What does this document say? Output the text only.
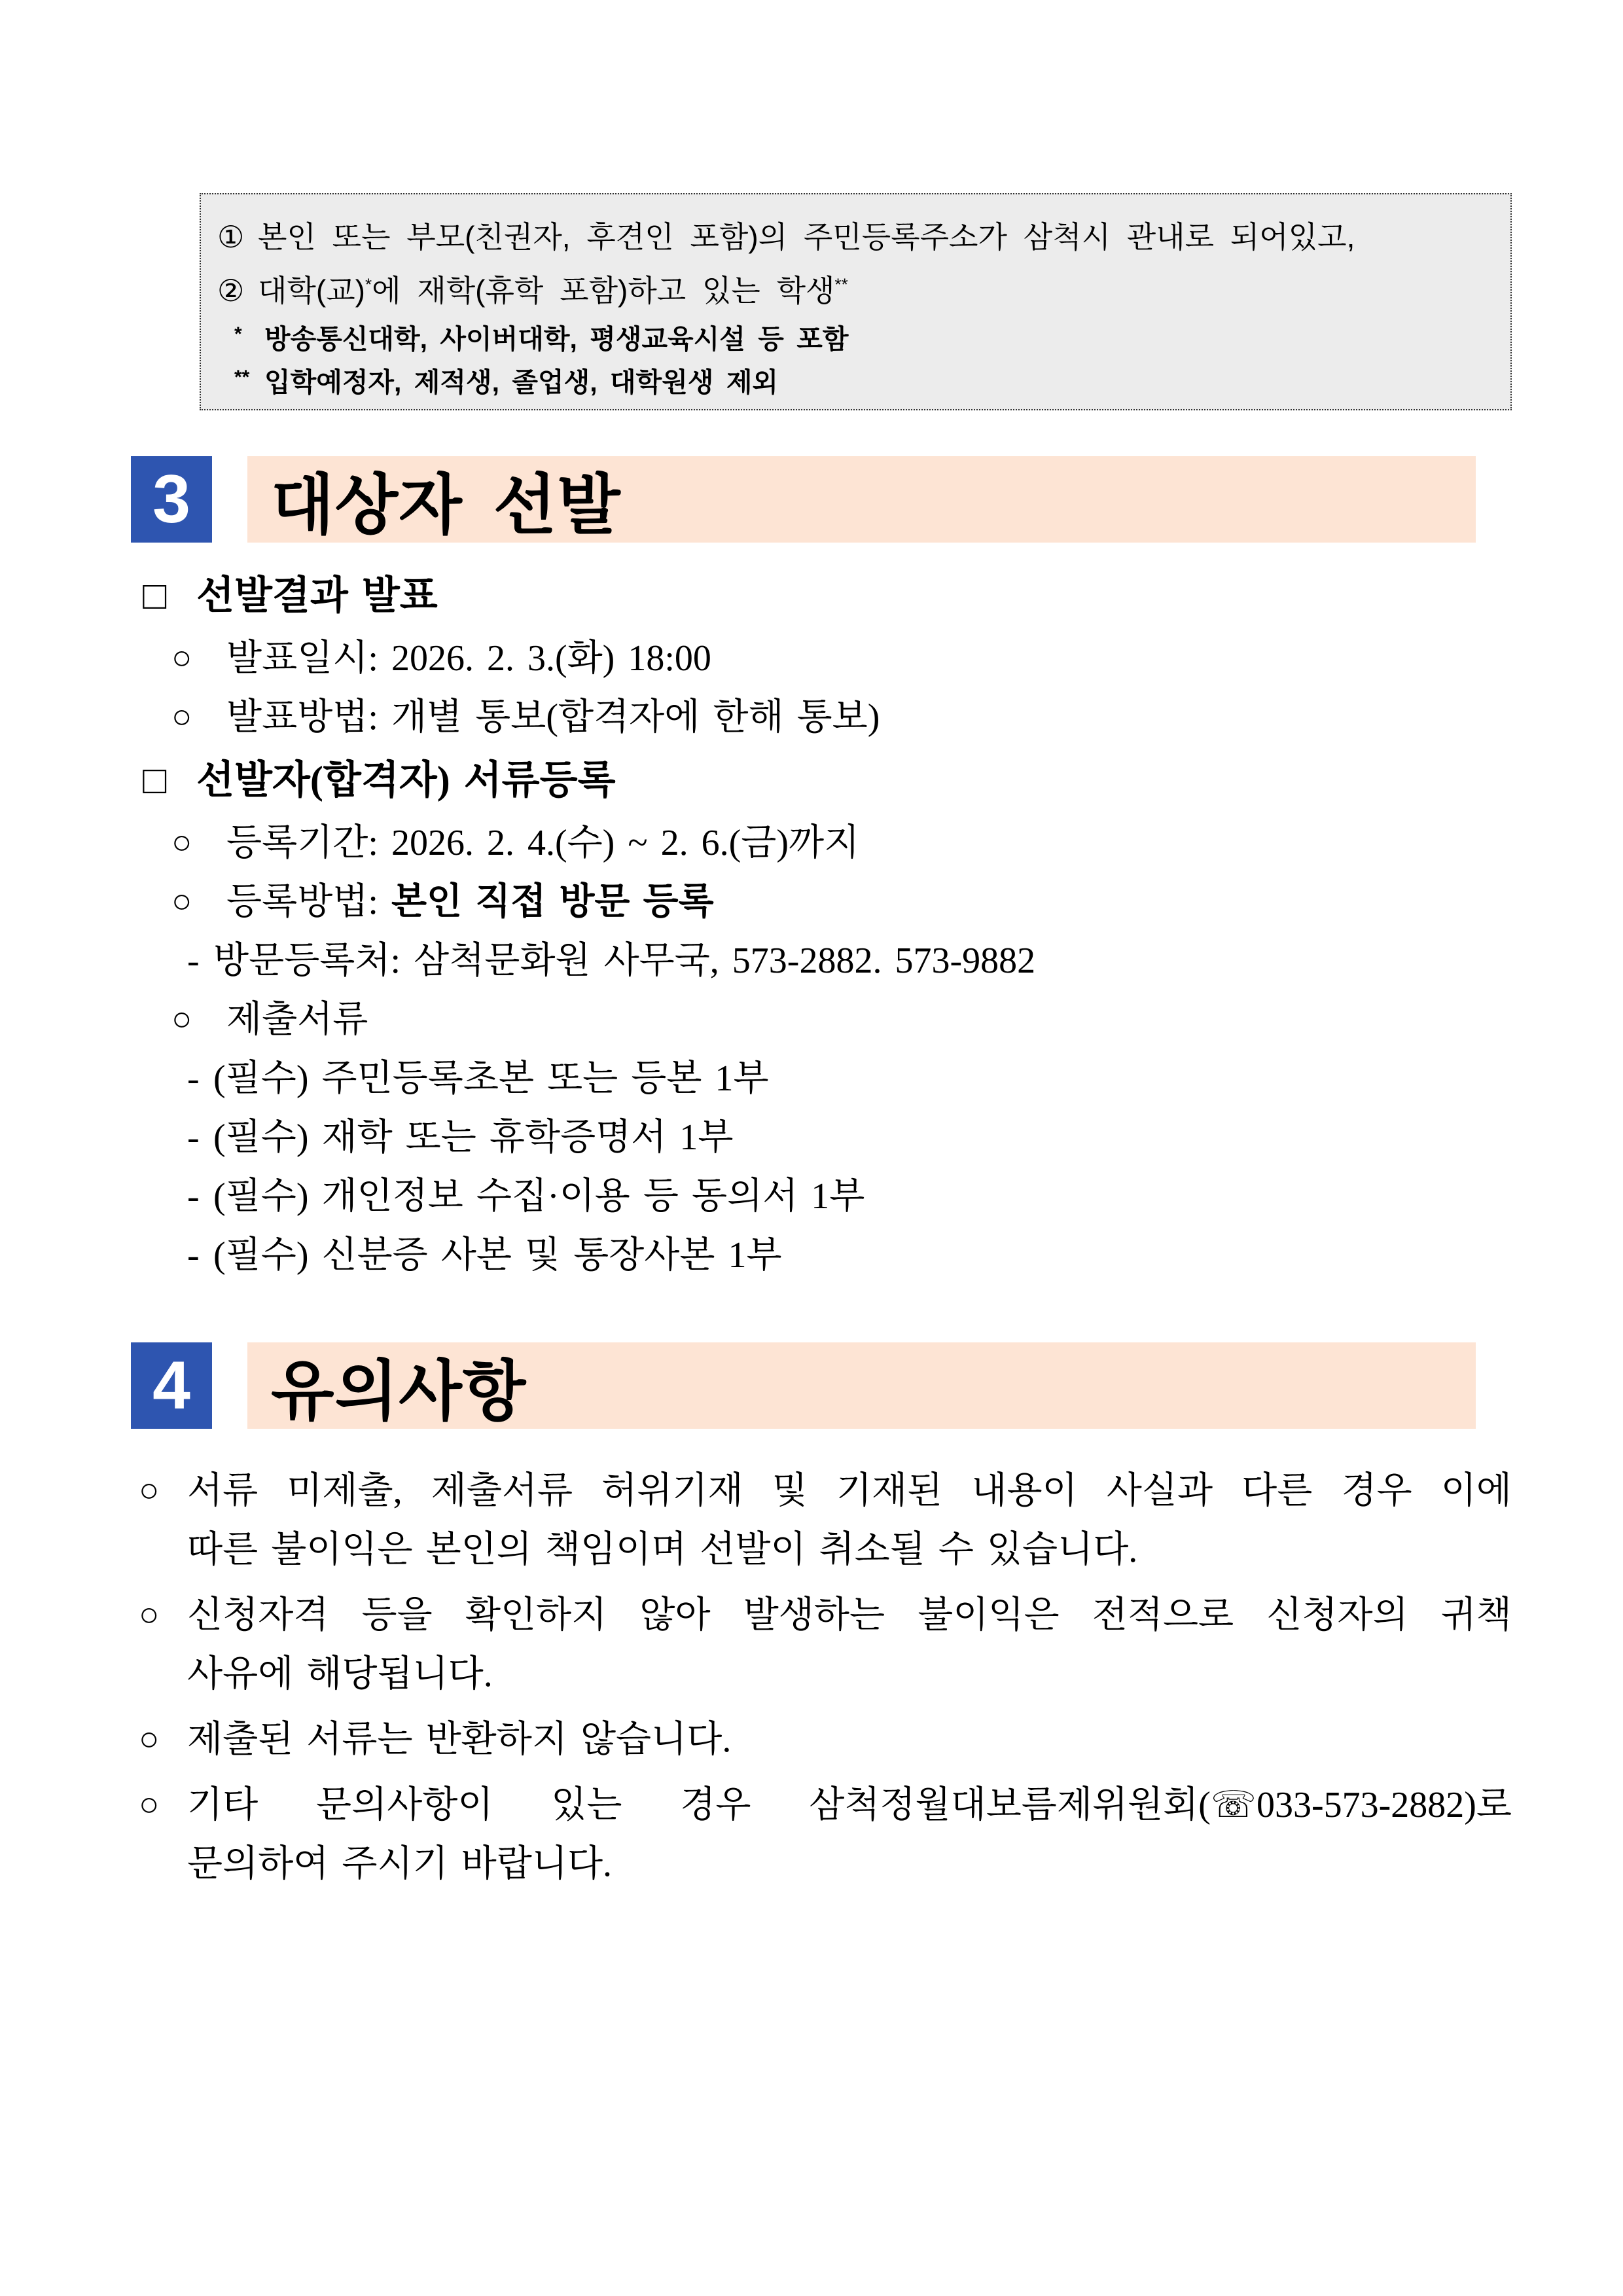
① 본인 또는 부모(친권자, 후견인 포함)의 주민등록주소가 삼척시 관내로 되어있고,
② 대학(교)*에 재학(휴학 포함)하고 있는 학생**
* 방송통신대학, 사이버대학, 평생교육시설 등 포함
** 입학예정자, 제적생, 졸업생, 대학원생 제외
3	대상자 선발
□ 선발결과 발표
○ 발표일시: 2026. 2. 3.(화) 18:00
○ 발표방법: 개별 통보(합격자에 한해 통보)
□ 선발자(합격자) 서류등록
○ 등록기간: 2026. 2. 4.(수) ~ 2. 6.(금)까지
○ 등록방법: 본인 직접 방문 등록
- 방문등록처: 삼척문화원 사무국, 573-2882. 573-9882
○ 제출서류
- (필수) 주민등록초본 또는 등본 1부
- (필수) 재학 또는 휴학증명서 1부
- (필수) 개인정보 수집·이용 등 동의서 1부
- (필수) 신분증 사본 및 통장사본 1부
4	유의사항
○ 서류 미제출, 제출서류 허위기재 및 기재된 내용이 사실과 다른 경우 이에
따른 불이익은 본인의 책임이며 선발이 취소될 수 있습니다.
○ 신청자격 등을 확인하지 않아 발생하는 불이익은 전적으로 신청자의 귀책
사유에 해당됩니다.
○ 제출된 서류는 반환하지 않습니다.
○ 기타 문의사항이 있는 경우 삼척정월대보름제위원회(☏033-573-2882)로
문의하여 주시기 바랍니다.
